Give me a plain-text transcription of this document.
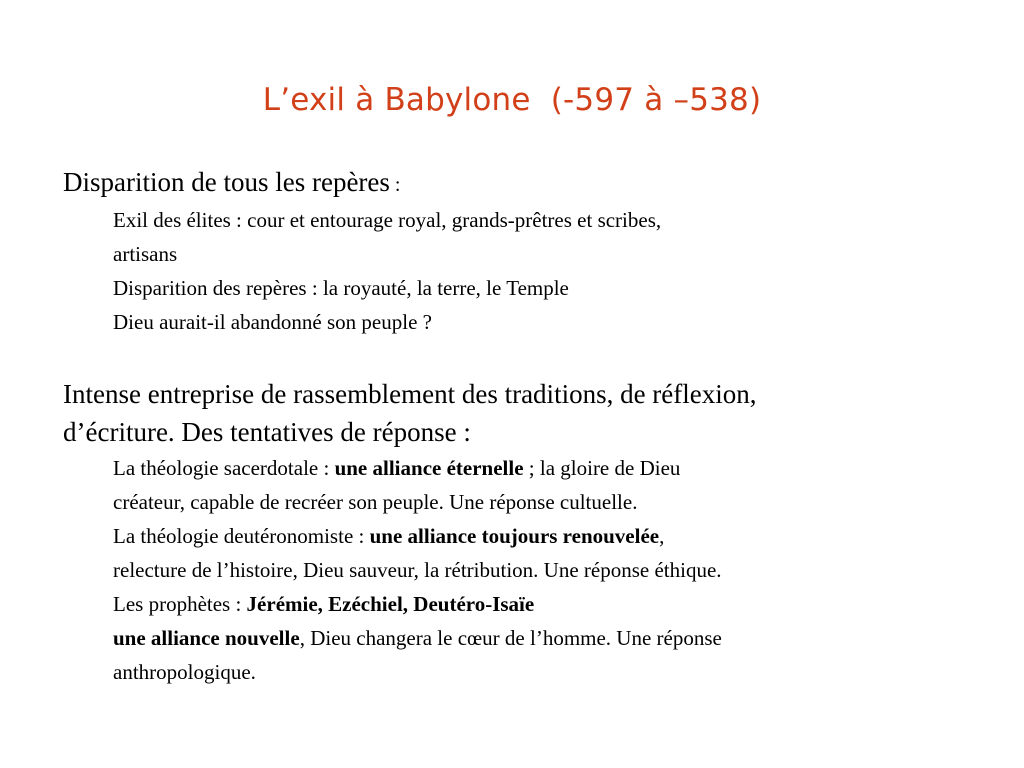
L’exil à Babylone  (-597 à –538)

Disparition de tous les repères :

Exil des élites : cour et entourage royal, grands-prêtres et scribes,
artisans

Disparition des repères : la royauté, la terre, le Temple

Dieu aurait-il abandonné son peuple ?

Intense entreprise de rassemblement des traditions, de réflexion,
d’écriture. Des tentatives de réponse :

La théologie sacerdotale : une alliance éternelle ; la gloire de Dieu
créateur, capable de recréer son peuple. Une réponse cultuelle.

La théologie deutéronomiste : une alliance toujours renouvelée,
relecture de l’histoire, Dieu sauveur, la rétribution. Une réponse éthique.

Les prophètes : Jérémie, Ezéchiel, Deutéro-Isaïe

une alliance nouvelle, Dieu changera le cœur de l’homme. Une réponse
anthropologique.
